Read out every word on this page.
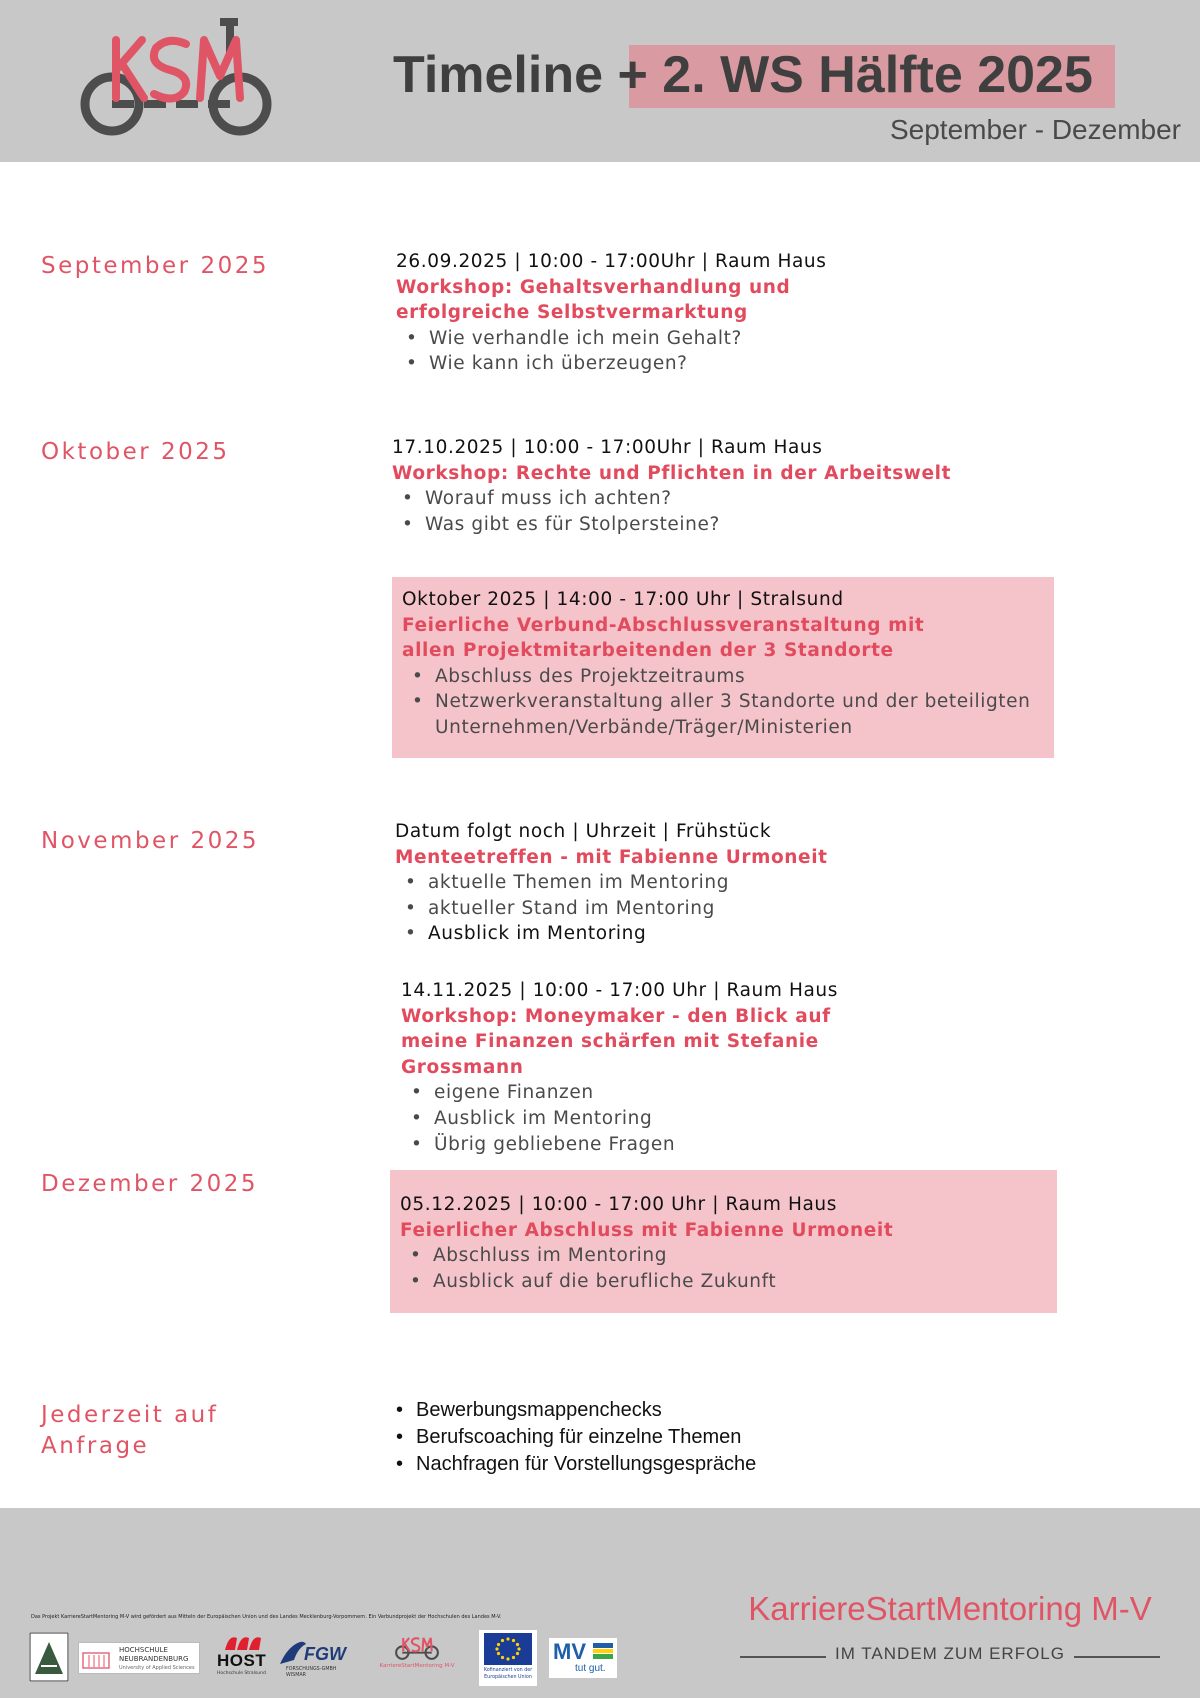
Timeline + 2. WS Hälfte 2025
September - Dezember
September 2025	26.09.2025 | 10:00 - 17:00Uhr | Raum Haus
Workshop: Gehaltsverhandlung und erfolgreiche Selbstvermarktung
• Wie verhandle ich mein Gehalt?
• Wie kann ich überzeugen?
Oktober 2025	17.10.2025 | 10:00 - 17:00Uhr | Raum Haus
Workshop: Rechte und Pflichten in der Arbeitswelt
• Worauf muss ich achten?
• Was gibt es für Stolpersteine?
Oktober 2025 | 14:00 - 17:00 Uhr | Stralsund
Feierliche Verbund-Abschlussveranstaltung mit allen Projektmitarbeitenden der 3 Standorte
• Abschluss des Projektzeitraums
• Netzwerkveranstaltung aller 3 Standorte und der beteiligten Unternehmen/Verbände/Träger/Ministerien
November 2025	Datum folgt noch | Uhrzeit | Frühstück
Menteetreffen - mit Fabienne Urmoneit
• aktuelle Themen im Mentoring
• aktueller Stand im Mentoring
• Ausblick im Mentoring
14.11.2025 | 10:00 - 17:00 Uhr | Raum Haus
Workshop: Moneymaker - den Blick auf meine Finanzen schärfen mit Stefanie Grossmann
• eigene Finanzen
• Ausblick im Mentoring
• Übrig gebliebene Fragen
Dezember 2025
05.12.2025 | 10:00 - 17:00 Uhr | Raum Haus
Feierlicher Abschluss mit Fabienne Urmoneit
• Abschluss im Mentoring
• Ausblick auf die berufliche Zukunft
Jederzeit auf Anfrage
• Bewerbungsmappenchecks
• Berufscoaching für einzelne Themen
• Nachfragen für Vorstellungsgespräche
Das Projekt KarriereStartMentoring M-V wird gefördert aus Mitteln der Europäischen Union und des Landes Mecklenburg-Vorpommern. Ein Verbundprojekt der Hochschulen des Landes M-V.
HOCHSCHULE
NEUBRANDENBURG
University of Applied Sciences HOST
Hochschule Stralsund
FGW
FORSCHUNGS-GMBH WISMAR
KarriereStartMentoring M-V
Kofinanziert von der
Europäischen Union
MV
tut gut.
KarriereStartMentoring M-V
IM TANDEM ZUM ERFOLG
